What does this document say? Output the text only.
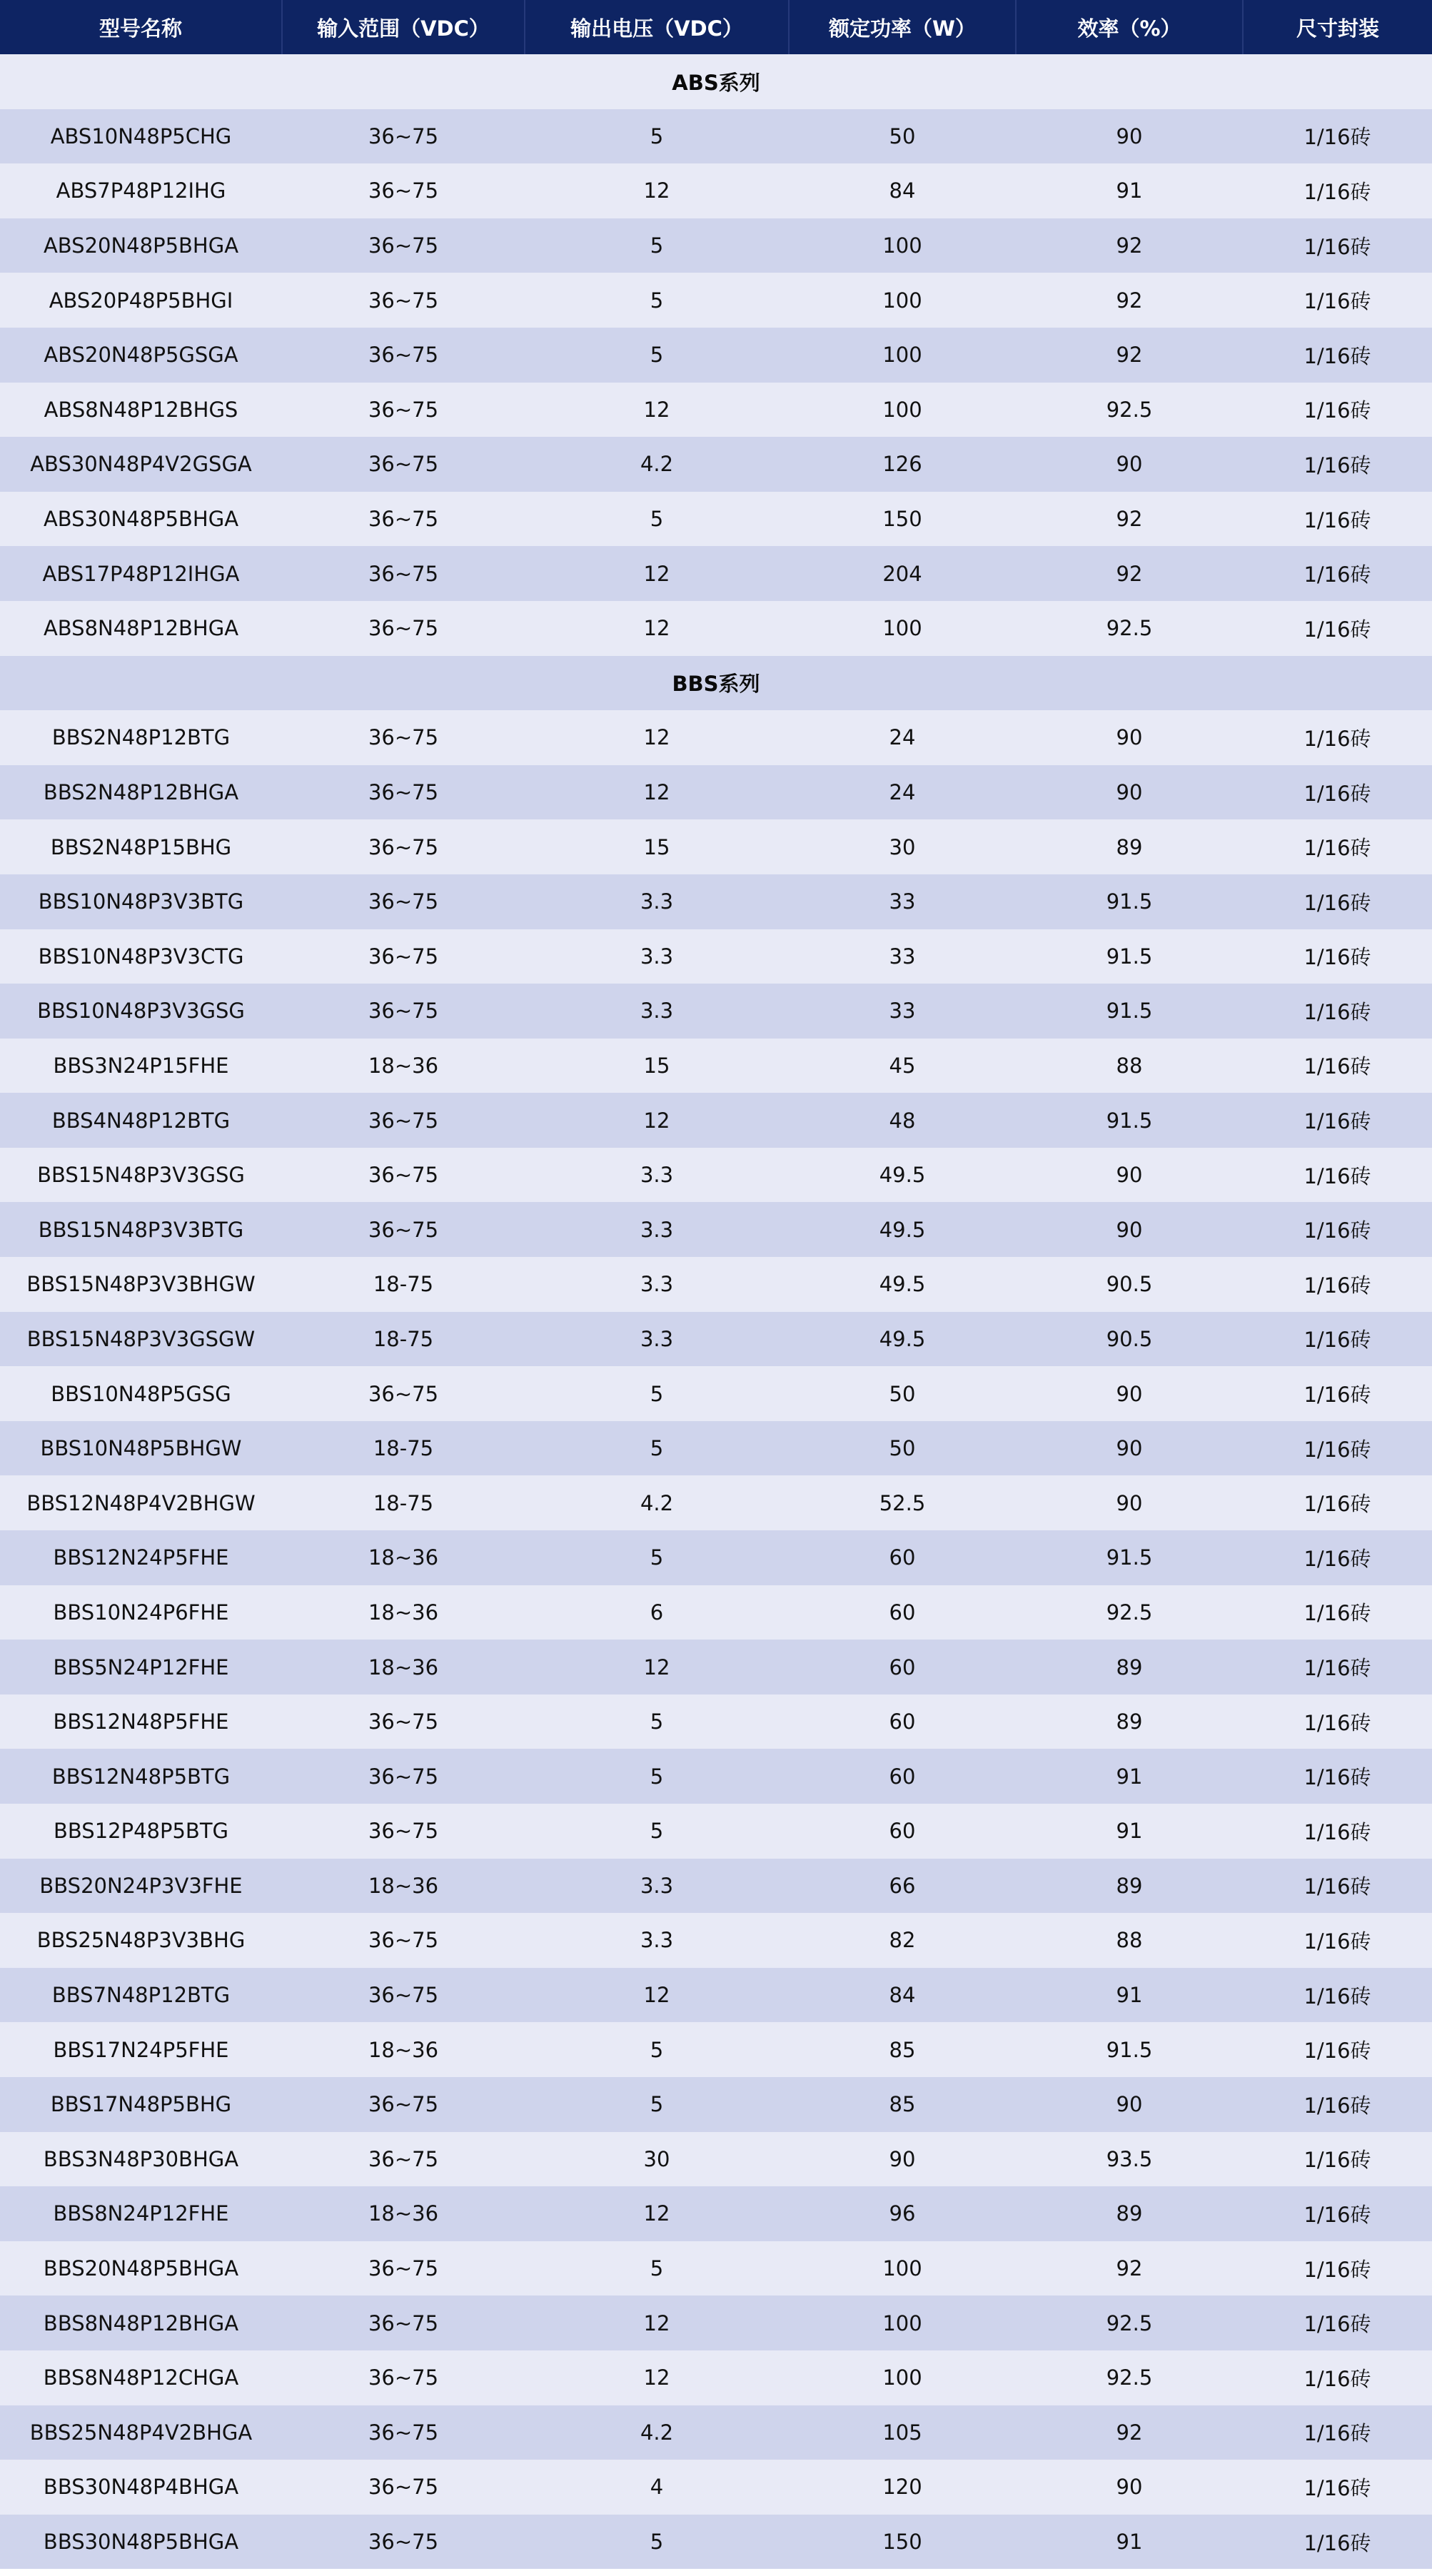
型号名称	输入范围（VDC）	输出电压（VDC）	额定功率（W）	效率（%）	尺寸封装
ABS系列					
ABS10N48P5CHG	36~75	5	50	90	1/16砖
ABS7P48P12IHG	36~75	12	84	91	1/16砖
ABS20N48P5BHGA	36~75	5	100	92	1/16砖
ABS20P48P5BHGI	36~75	5	100	92	1/16砖
ABS20N48P5GSGA	36~75	5	100	92	1/16砖
ABS8N48P12BHGS	36~75	12	100	92.5	1/16砖
ABS30N48P4V2GSGA	36~75	4.2	126	90	1/16砖
ABS30N48P5BHGA	36~75	5	150	92	1/16砖
ABS17P48P12IHGA	36~75	12	204	92	1/16砖
ABS8N48P12BHGA	36~75	12	100	92.5	1/16砖
BBS系列					
BBS2N48P12BTG	36~75	12	24	90	1/16砖
BBS2N48P12BHGA	36~75	12	24	90	1/16砖
BBS2N48P15BHG	36~75	15	30	89	1/16砖
BBS10N48P3V3BTG	36~75	3.3	33	91.5	1/16砖
BBS10N48P3V3CTG	36~75	3.3	33	91.5	1/16砖
BBS10N48P3V3GSG	36~75	3.3	33	91.5	1/16砖
BBS3N24P15FHE	18~36	15	45	88	1/16砖
BBS4N48P12BTG	36~75	12	48	91.5	1/16砖
BBS15N48P3V3GSG	36~75	3.3	49.5	90	1/16砖
BBS15N48P3V3BTG	36~75	3.3	49.5	90	1/16砖
BBS15N48P3V3BHGW	18-75	3.3	49.5	90.5	1/16砖
BBS15N48P3V3GSGW	18-75	3.3	49.5	90.5	1/16砖
BBS10N48P5GSG	36~75	5	50	90	1/16砖
BBS10N48P5BHGW	18-75	5	50	90	1/16砖
BBS12N48P4V2BHGW	18-75	4.2	52.5	90	1/16砖
BBS12N24P5FHE	18~36	5	60	91.5	1/16砖
BBS10N24P6FHE	18~36	6	60	92.5	1/16砖
BBS5N24P12FHE	18~36	12	60	89	1/16砖
BBS12N48P5FHE	36~75	5	60	89	1/16砖
BBS12N48P5BTG	36~75	5	60	91	1/16砖
BBS12P48P5BTG	36~75	5	60	91	1/16砖
BBS20N24P3V3FHE	18~36	3.3	66	89	1/16砖
BBS25N48P3V3BHG	36~75	3.3	82	88	1/16砖
BBS7N48P12BTG	36~75	12	84	91	1/16砖
BBS17N24P5FHE	18~36	5	85	91.5	1/16砖
BBS17N48P5BHG	36~75	5	85	90	1/16砖
BBS3N48P30BHGA	36~75	30	90	93.5	1/16砖
BBS8N24P12FHE	18~36	12	96	89	1/16砖
BBS20N48P5BHGA	36~75	5	100	92	1/16砖
BBS8N48P12BHGA	36~75	12	100	92.5	1/16砖
BBS8N48P12CHGA	36~75	12	100	92.5	1/16砖
BBS25N48P4V2BHGA	36~75	4.2	105	92	1/16砖
BBS30N48P4BHGA	36~75	4	120	90	1/16砖
BBS30N48P5BHGA	36~75	5	150	91	1/16砖
